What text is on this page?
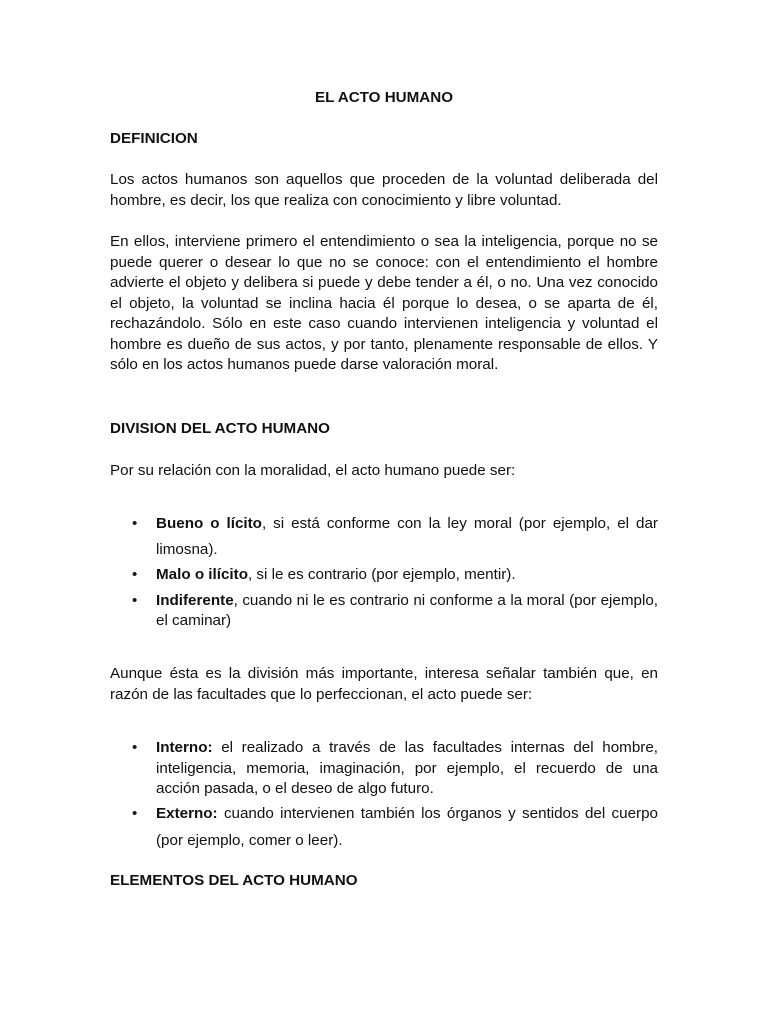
EL ACTO HUMANO
DEFINICION
Los actos humanos son aquellos que proceden de la voluntad deliberada del hombre, es decir, los que realiza con conocimiento y libre voluntad.
En ellos, interviene primero el entendimiento o sea la inteligencia, porque no se puede querer o desear lo que no se conoce: con el entendimiento el hombre advierte el objeto y delibera si puede y debe tender a él, o no. Una vez conocido el objeto, la voluntad se inclina hacia él porque lo desea, o se aparta de él, rechazándolo. Sólo en este caso cuando intervienen inteligencia y voluntad el hombre es dueño de sus actos, y por tanto, plenamente responsable de ellos. Y sólo en los actos humanos puede darse valoración moral.
DIVISION DEL ACTO HUMANO
Por su relación con la moralidad, el acto humano puede ser:
• Bueno o lícito, si está conforme con la ley moral (por ejemplo, el dar limosna).
• Malo o ilícito, si le es contrario (por ejemplo, mentir).
• Indiferente, cuando ni le es contrario ni conforme a la moral (por ejemplo, el caminar)
Aunque ésta es la división más importante, interesa señalar también que, en razón de las facultades que lo perfeccionan, el acto puede ser:
• Interno: el realizado a través de las facultades internas del hombre, inteligencia, memoria, imaginación, por ejemplo, el recuerdo de una acción pasada, o el deseo de algo futuro.
• Externo: cuando intervienen también los órganos y sentidos del cuerpo (por ejemplo, comer o leer).
ELEMENTOS DEL ACTO HUMANO
